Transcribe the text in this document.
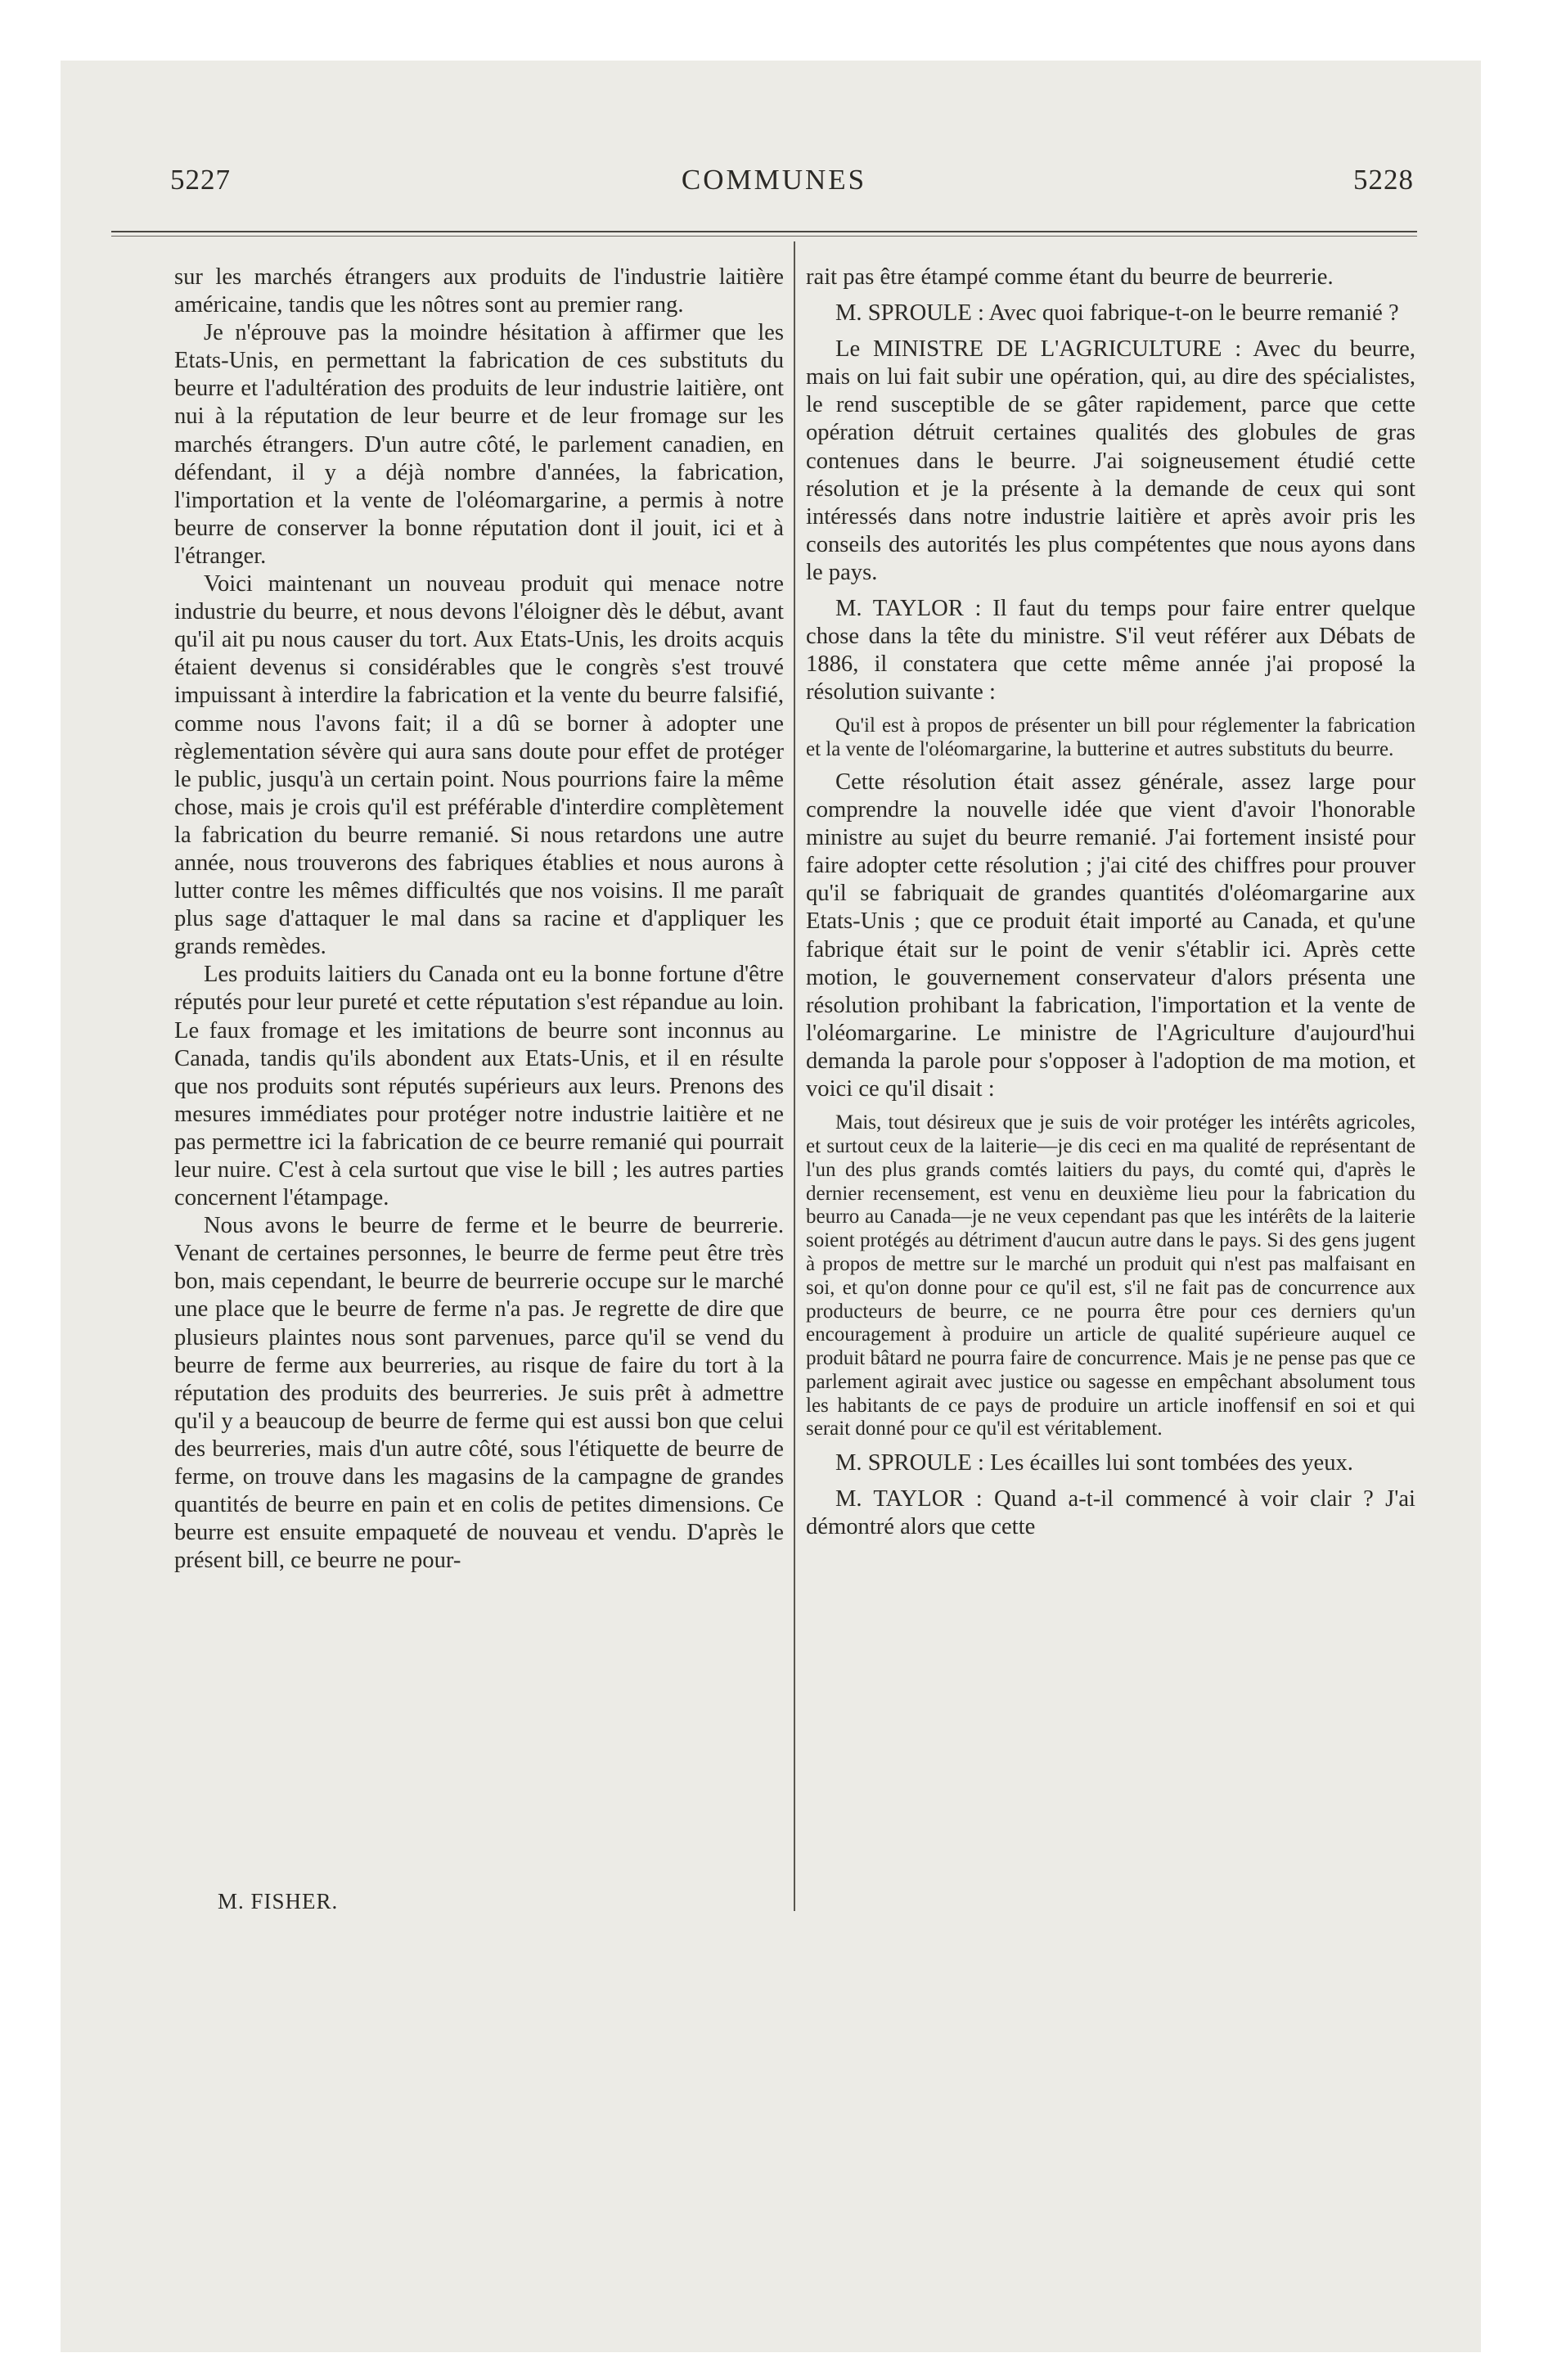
5227	COMMUNES	5228

sur les marchés étrangers aux produits de l'industrie laitière américaine, tandis que les nôtres sont au premier rang.

Je n'éprouve pas la moindre hésitation à affirmer que les Etats-Unis, en permettant la fabrication de ces substituts du beurre et l'adultération des produits de leur industrie laitière, ont nui à la réputation de leur beurre et de leur fromage sur les marchés étrangers. D'un autre côté, le parlement canadien, en défendant, il y a déjà nombre d'années, la fabrication, l'importation et la vente de l'oléomargarine, a permis à notre beurre de conserver la bonne réputation dont il jouit, ici et à l'étranger.

Voici maintenant un nouveau produit qui menace notre industrie du beurre, et nous devons l'éloigner dès le début, avant qu'il ait pu nous causer du tort. Aux Etats-Unis, les droits acquis étaient devenus si considérables que le congrès s'est trouvé impuissant à interdire la fabrication et la vente du beurre falsifié, comme nous l'avons fait; il a dû se borner à adopter une règlementation sévère qui aura sans doute pour effet de protéger le public, jusqu'à un certain point. Nous pourrions faire la même chose, mais je crois qu'il est préférable d'interdire complètement la fabrication du beurre remanié. Si nous retardons une autre année, nous trouverons des fabriques établies et nous aurons à lutter contre les mêmes difficultés que nos voisins. Il me paraît plus sage d'attaquer le mal dans sa racine et d'appliquer les grands remèdes.

Les produits laitiers du Canada ont eu la bonne fortune d'être réputés pour leur pureté et cette réputation s'est répandue au loin. Le faux fromage et les imitations de beurre sont inconnus au Canada, tandis qu'ils abondent aux Etats-Unis, et il en résulte que nos produits sont réputés supérieurs aux leurs. Prenons des mesures immédiates pour protéger notre industrie laitière et ne pas permettre ici la fabrication de ce beurre remanié qui pourrait leur nuire. C'est à cela surtout que vise le bill ; les autres parties concernent l'étampage.

Nous avons le beurre de ferme et le beurre de beurrerie. Venant de certaines personnes, le beurre de ferme peut être très bon, mais cependant, le beurre de beurrerie occupe sur le marché une place que le beurre de ferme n'a pas. Je regrette de dire que plusieurs plaintes nous sont parvenues, parce qu'il se vend du beurre de ferme aux beurreries, au risque de faire du tort à la réputation des produits des beurreries. Je suis prêt à admettre qu'il y a beaucoup de beurre de ferme qui est aussi bon que celui des beurreries, mais d'un autre côté, sous l'étiquette de beurre de ferme, on trouve dans les magasins de la campagne de grandes quantités de beurre en pain et en colis de petites dimensions. Ce beurre est ensuite empaqueté de nouveau et vendu. D'après le présent bill, ce beurre ne pour-

rait pas être étampé comme étant du beurre de beurrerie.

M. SPROULE : Avec quoi fabrique-t-on le beurre remanié ?

Le MINISTRE DE L'AGRICULTURE : Avec du beurre, mais on lui fait subir une opération, qui, au dire des spécialistes, le rend susceptible de se gâter rapidement, parce que cette opération détruit certaines qualités des globules de gras contenues dans le beurre. J'ai soigneusement étudié cette résolution et je la présente à la demande de ceux qui sont intéressés dans notre industrie laitière et après avoir pris les conseils des autorités les plus compétentes que nous ayons dans le pays.

M. TAYLOR : Il faut du temps pour faire entrer quelque chose dans la tête du ministre. S'il veut référer aux Débats de 1886, il constatera que cette même année j'ai proposé la résolution suivante :

Qu'il est à propos de présenter un bill pour réglementer la fabrication et la vente de l'oléomargarine, la butterine et autres substituts du beurre.

Cette résolution était assez générale, assez large pour comprendre la nouvelle idée que vient d'avoir l'honorable ministre au sujet du beurre remanié. J'ai fortement insisté pour faire adopter cette résolution ; j'ai cité des chiffres pour prouver qu'il se fabriquait de grandes quantités d'oléomargarine aux Etats-Unis ; que ce produit était importé au Canada, et qu'une fabrique était sur le point de venir s'établir ici. Après cette motion, le gouvernement conservateur d'alors présenta une résolution prohibant la fabrication, l'importation et la vente de l'oléomargarine. Le ministre de l'Agriculture d'aujourd'hui demanda la parole pour s'opposer à l'adoption de ma motion, et voici ce qu'il disait :

Mais, tout désireux que je suis de voir protéger les intérêts agricoles, et surtout ceux de la laiterie—je dis ceci en ma qualité de représentant de l'un des plus grands comtés laitiers du pays, du comté qui, d'après le dernier recensement, est venu en deuxième lieu pour la fabrication du beurro au Canada—je ne veux cependant pas que les intérêts de la laiterie soient protégés au détriment d'aucun autre dans le pays. Si des gens jugent à propos de mettre sur le marché un produit qui n'est pas malfaisant en soi, et qu'on donne pour ce qu'il est, s'il ne fait pas de concurrence aux producteurs de beurre, ce ne pourra être pour ces derniers qu'un encouragement à produire un article de qualité supérieure auquel ce produit bâtard ne pourra faire de concurrence. Mais je ne pense pas que ce parlement agirait avec justice ou sagesse en empêchant absolument tous les habitants de ce pays de produire un article inoffensif en soi et qui serait donné pour ce qu'il est véritablement.

M. SPROULE : Les écailles lui sont tombées des yeux.

M. TAYLOR : Quand a-t-il commencé à voir clair ? J'ai démontré alors que cette

M. FISHER.
